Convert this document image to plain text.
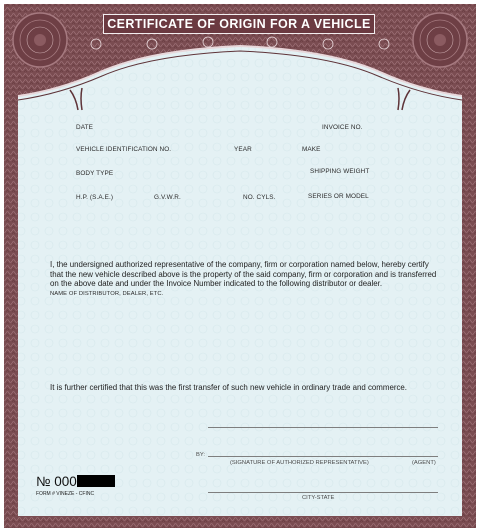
CERTIFICATE OF ORIGIN FOR A VEHICLE
DATE	INVOICE NO.
VEHICLE IDENTIFICATION NO.	YEAR	MAKE
BODY TYPE	SHIPPING WEIGHT
H.P. (S.A.E.)	G.V.W.R.	NO. CYLS.	SERIES OR MODEL
I, the undersigned authorized representative of the company, firm or corporation named below, hereby certify that the new vehicle described above is the property of the said company, firm or corporation and is transferred on the above date and under the Invoice Number indicated to the following distributor or dealer.
NAME OF DISTRIBUTOR, DEALER, ETC.
It is further certified that this was the first transfer of such new vehicle in ordinary trade and commerce.
BY:
(SIGNATURE OF AUTHORIZED REPRESENTATIVE)	(AGENT)
CITY-STATE
№ 000
FORM # VINEZE - CFINC
